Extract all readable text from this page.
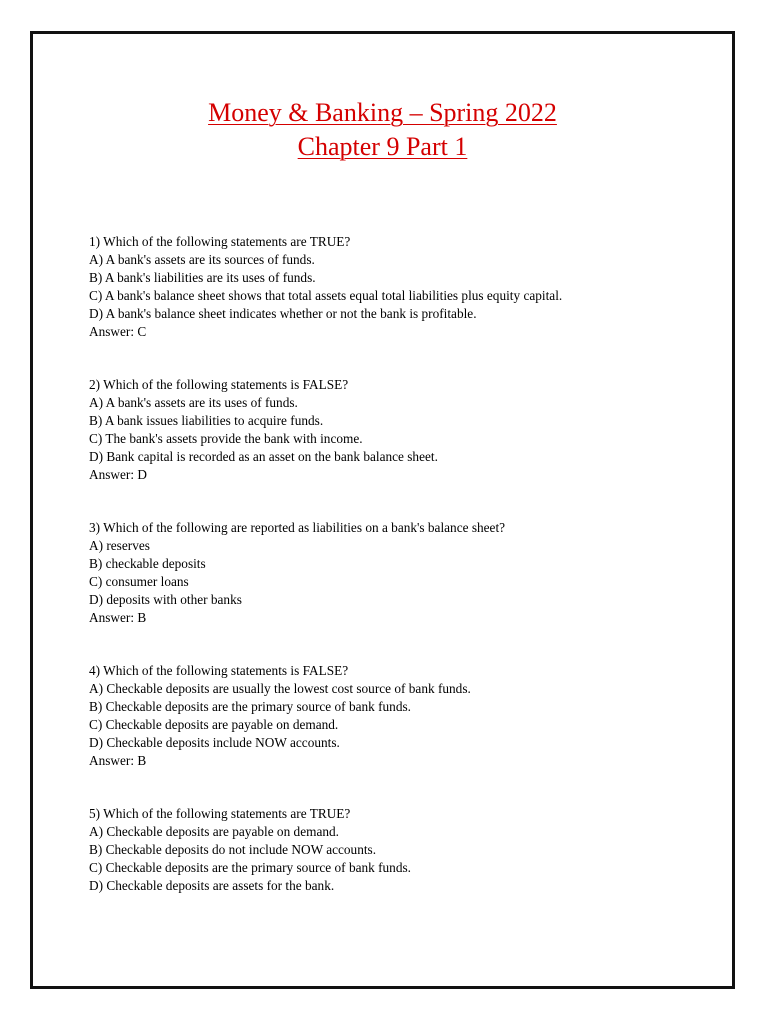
Money & Banking – Spring 2022
Chapter 9 Part 1
1) Which of the following statements are TRUE?
A) A bank's assets are its sources of funds.
B) A bank's liabilities are its uses of funds.
C) A bank's balance sheet shows that total assets equal total liabilities plus equity capital.
D) A bank's balance sheet indicates whether or not the bank is profitable.
Answer: C
2) Which of the following statements is FALSE?
A) A bank's assets are its uses of funds.
B) A bank issues liabilities to acquire funds.
C) The bank's assets provide the bank with income.
D) Bank capital is recorded as an asset on the bank balance sheet.
Answer: D
3) Which of the following are reported as liabilities on a bank's balance sheet?
A) reserves
B) checkable deposits
C) consumer loans
D) deposits with other banks
Answer: B
4) Which of the following statements is FALSE?
A) Checkable deposits are usually the lowest cost source of bank funds.
B) Checkable deposits are the primary source of bank funds.
C) Checkable deposits are payable on demand.
D) Checkable deposits include NOW accounts.
Answer: B
5) Which of the following statements are TRUE?
A) Checkable deposits are payable on demand.
B) Checkable deposits do not include NOW accounts.
C) Checkable deposits are the primary source of bank funds.
D) Checkable deposits are assets for the bank.
